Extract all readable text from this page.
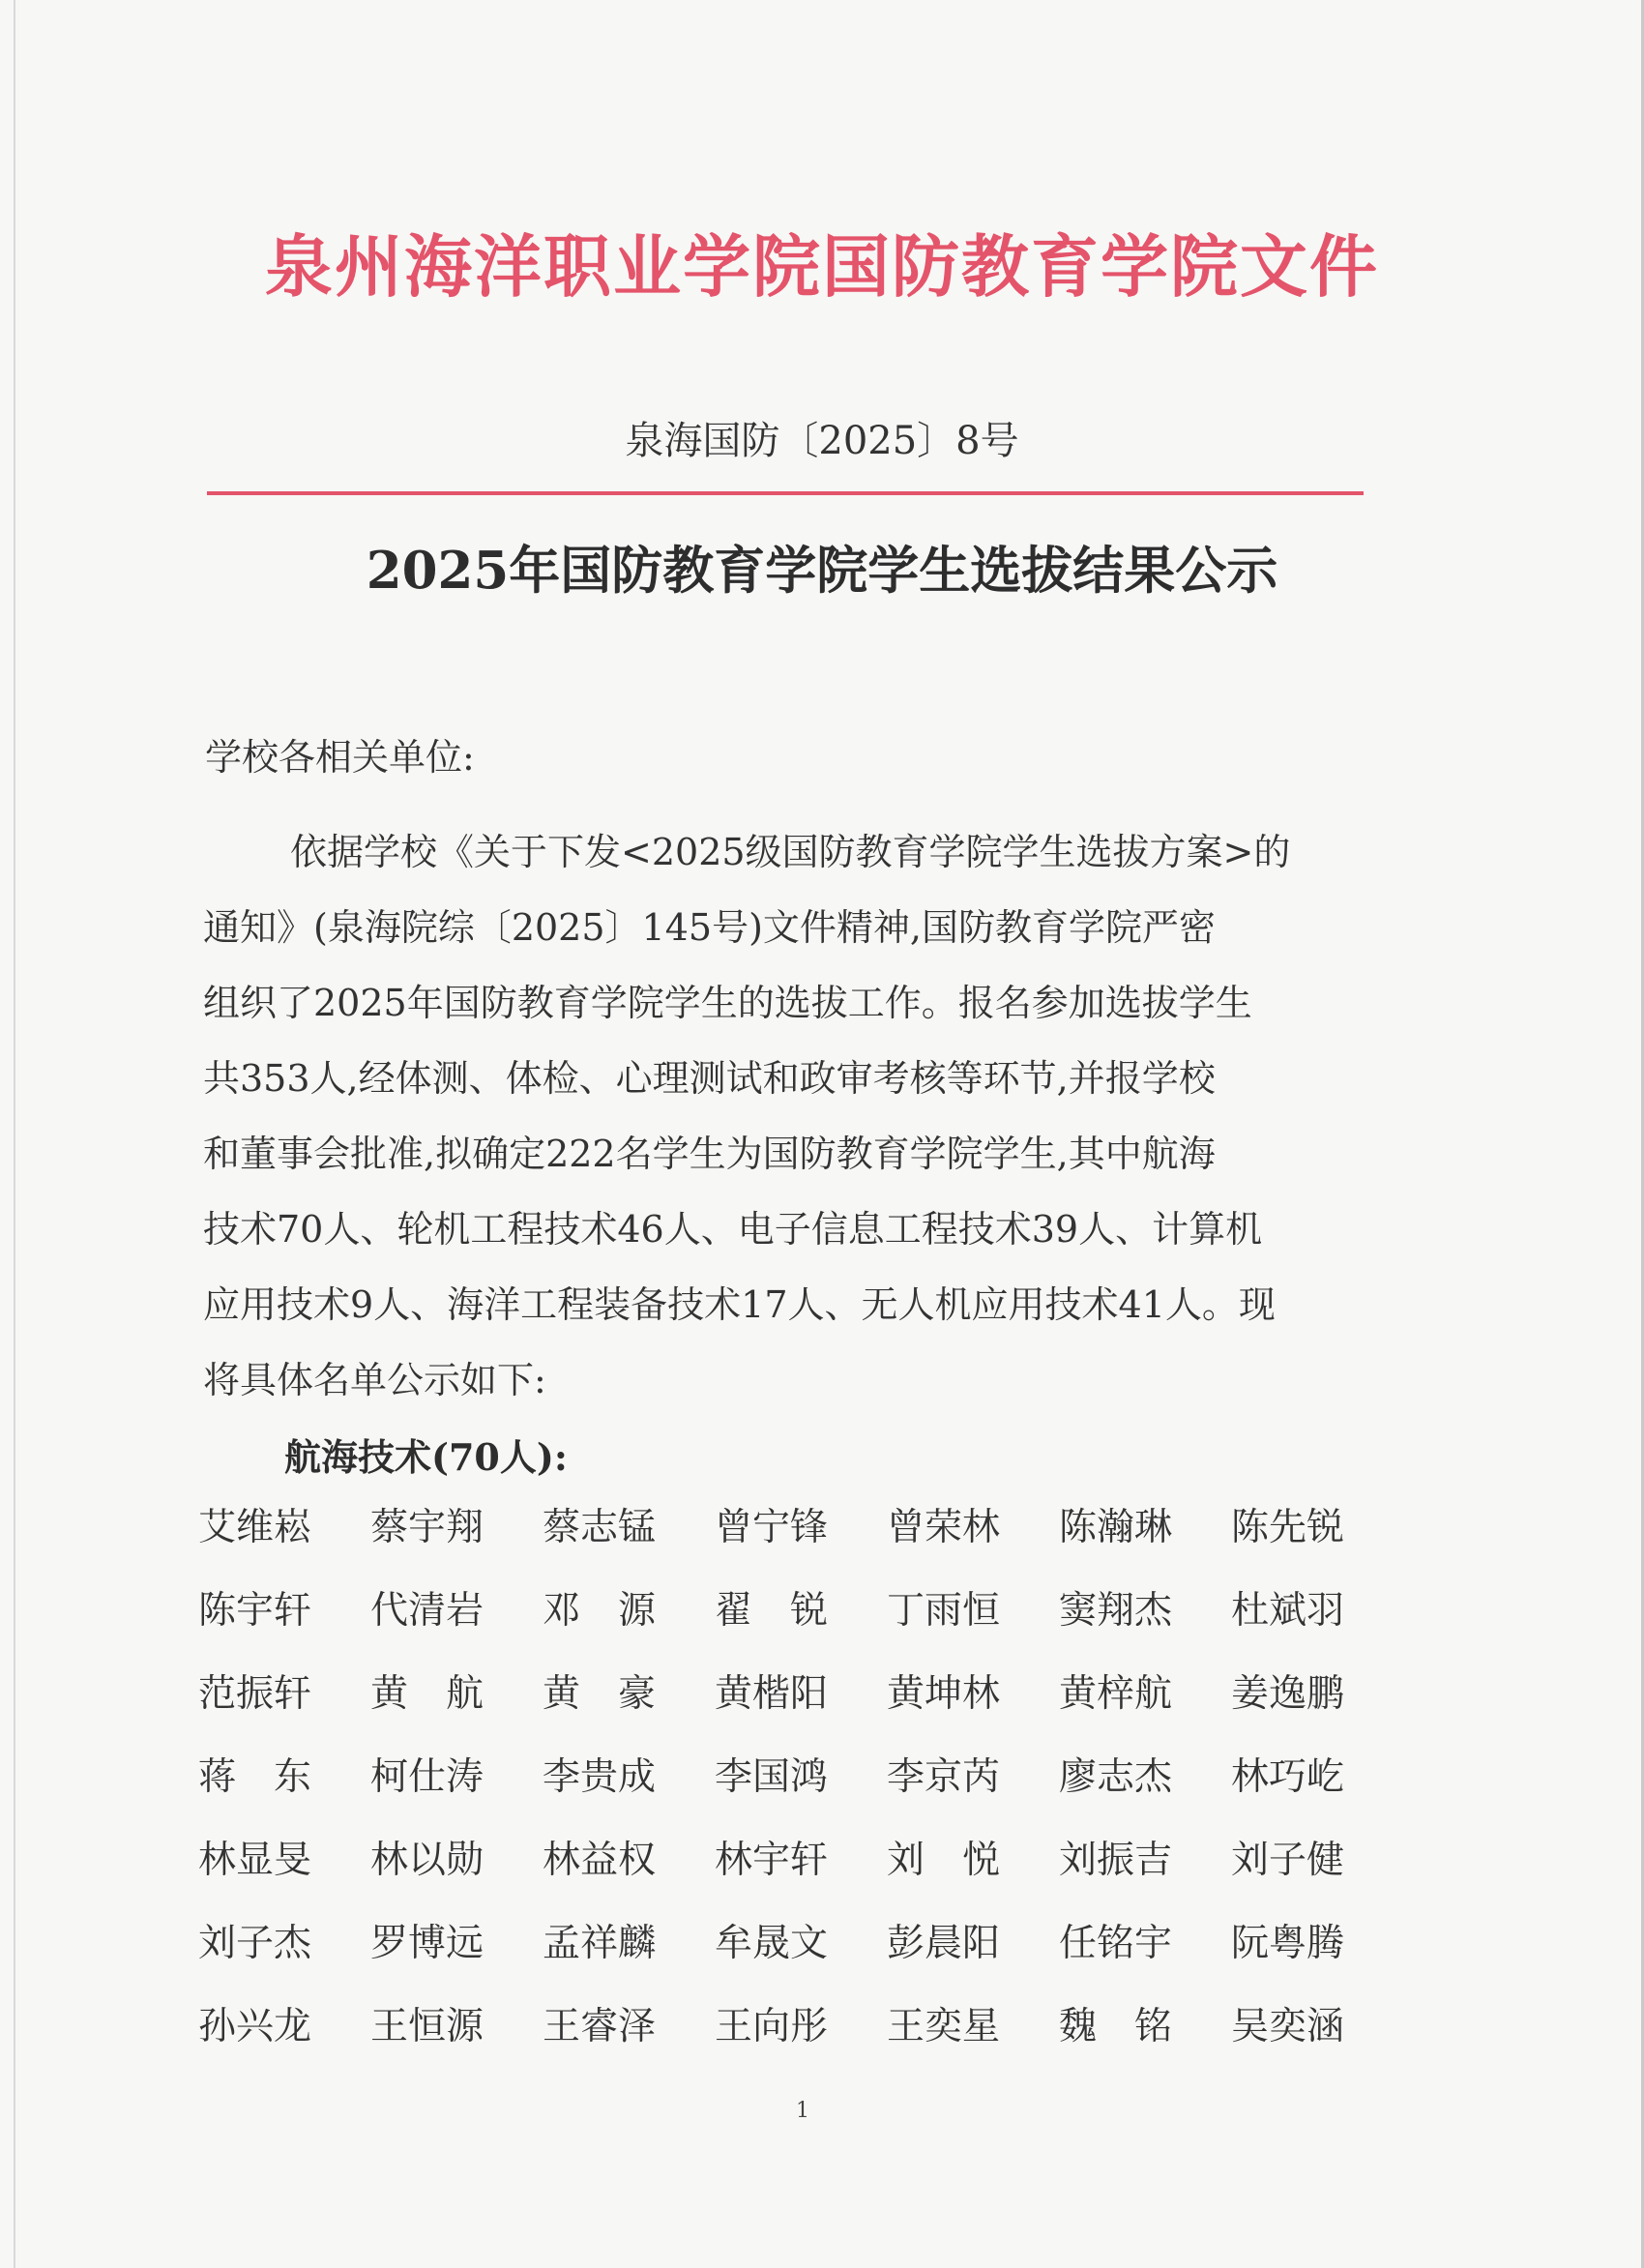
泉州海洋职业学院国防教育学院文件
泉海国防〔2025〕8号
2025年国防教育学院学生选拔结果公示
学校各相关单位:
依据学校《关于下发<2025级国防教育学院学生选拔方案>的
通知》(泉海院综〔2025〕145号)文件精神,国防教育学院严密
组织了2025年国防教育学院学生的选拔工作。报名参加选拔学生
共353人,经体测、体检、心理测试和政审考核等环节,并报学校
和董事会批准,拟确定222名学生为国防教育学院学生,其中航海
技术70人、轮机工程技术46人、电子信息工程技术39人、计算机
应用技术9人、海洋工程装备技术17人、无人机应用技术41人。现
将具体名单公示如下:
航海技术(70人):
艾维崧	蔡宇翔	蔡志锰	曾宁锋	曾荣林	陈瀚琳	陈先锐
陈宇轩	代清岩	邓　源	翟　锐	丁雨恒	窦翔杰	杜斌羽
范振轩	黄　航	黄　豪	黄楷阳	黄坤林	黄梓航	姜逸鹏
蒋　东	柯仕涛	李贵成	李国鸿	李京芮	廖志杰	林巧屹
林显旻	林以勋	林益权	林宇轩	刘　悦	刘振吉	刘子健
刘子杰	罗博远	孟祥麟	牟晟文	彭晨阳	任铭宇	阮粤腾
孙兴龙	王恒源	王睿泽	王向彤	王奕星	魏　铭	吴奕涵
1
